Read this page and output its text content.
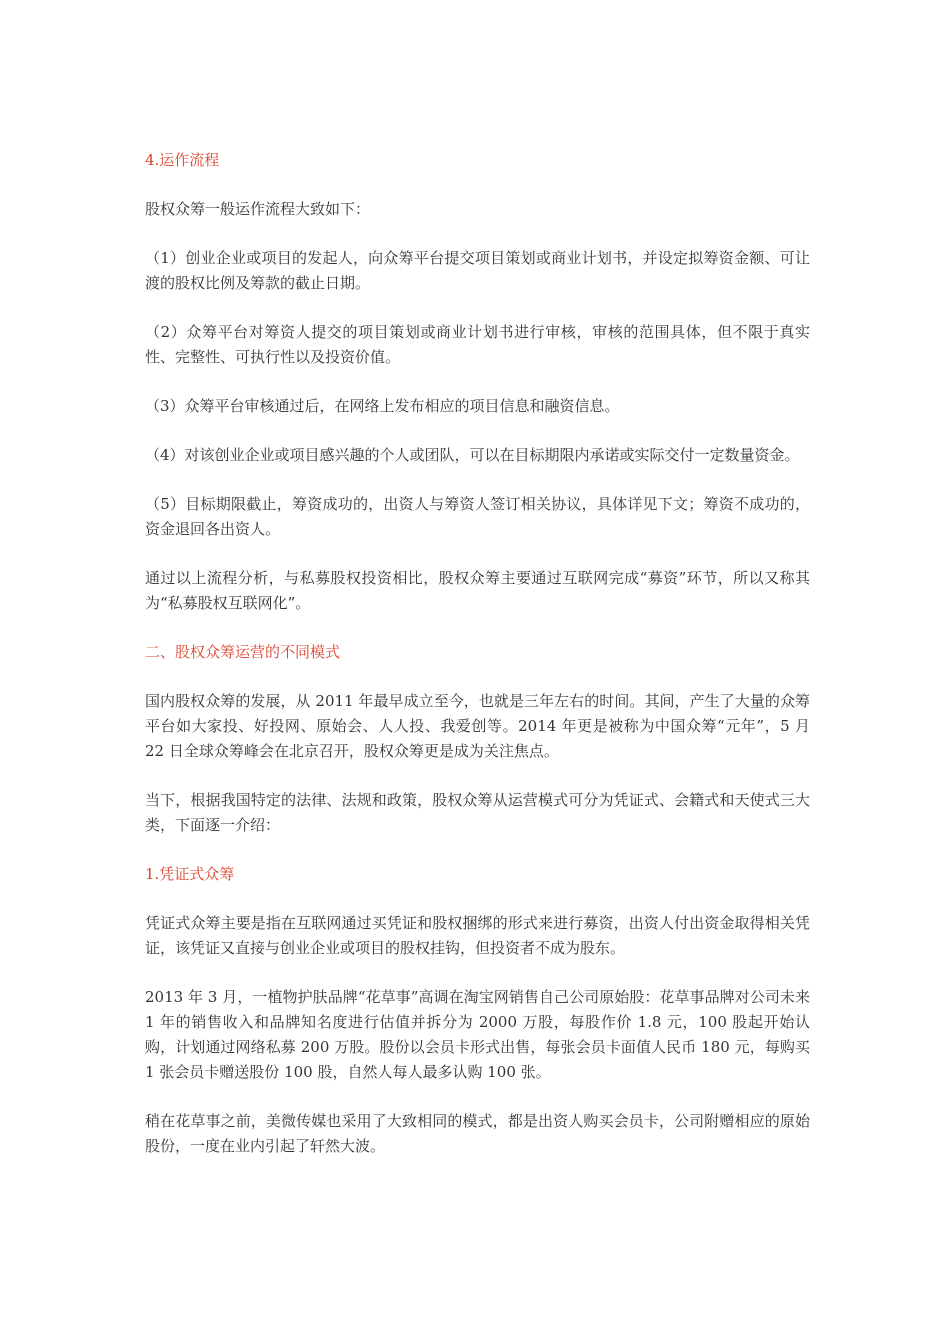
4.运作流程
股权众筹一般运作流程大致如下：
（1）创业企业或项目的发起人，向众筹平台提交项目策划或商业计划书，并设定拟筹资金额、可让渡的股权比例及筹款的截止日期。
（2）众筹平台对筹资人提交的项目策划或商业计划书进行审核，审核的范围具体，但不限于真实性、完整性、可执行性以及投资价值。
（3）众筹平台审核通过后，在网络上发布相应的项目信息和融资信息。
（4）对该创业企业或项目感兴趣的个人或团队，可以在目标期限内承诺或实际交付一定数量资金。
（5）目标期限截止，筹资成功的，出资人与筹资人签订相关协议，具体详见下文；筹资不成功的，资金退回各出资人。
通过以上流程分析，与私募股权投资相比，股权众筹主要通过互联网完成“募资”环节，所以又称其为“私募股权互联网化”。
二、股权众筹运营的不同模式
国内股权众筹的发展，从 2011 年最早成立至今，也就是三年左右的时间。其间，产生了大量的众筹平台如大家投、好投网、原始会、人人投、我爱创等。2014 年更是被称为中国众筹“元年”，5 月 22 日全球众筹峰会在北京召开，股权众筹更是成为关注焦点。
当下，根据我国特定的法律、法规和政策，股权众筹从运营模式可分为凭证式、会籍式和天使式三大类，下面逐一介绍：
1.凭证式众筹
凭证式众筹主要是指在互联网通过买凭证和股权捆绑的形式来进行募资，出资人付出资金取得相关凭证，该凭证又直接与创业企业或项目的股权挂钩，但投资者不成为股东。
2013 年 3 月，一植物护肤品牌“花草事”高调在淘宝网销售自己公司原始股：花草事品牌对公司未来 1 年的销售收入和品牌知名度进行估值并拆分为 2000 万股，每股作价 1.8 元，100 股起开始认购，计划通过网络私募 200 万股。股份以会员卡形式出售，每张会员卡面值人民币 180 元，每购买 1 张会员卡赠送股份 100 股，自然人每人最多认购 100 张。
稍在花草事之前，美微传媒也采用了大致相同的模式，都是出资人购买会员卡，公司附赠相应的原始股份，一度在业内引起了轩然大波。
